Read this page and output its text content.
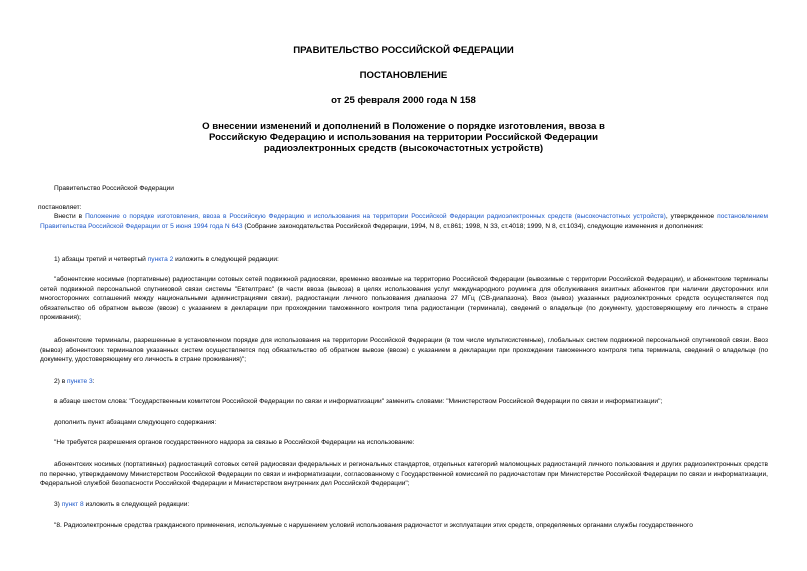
ПРАВИТЕЛЬСТВО РОССИЙСКОЙ ФЕДЕРАЦИИ
ПОСТАНОВЛЕНИЕ
от 25 февраля 2000 года N 158
О внесении изменений и дополнений в Положение о порядке изготовления, ввоза в Российскую Федерацию и использования на территории Российской Федерации радиоэлектронных средств (высокочастотных устройств)
Правительство Российской Федерации
постановляет:
Внести в Положение о порядке изготовления, ввоза в Российскую Федерацию и использования на территории Российской Федерации радиоэлектронных средств (высокочастотных устройств), утвержденное постановлением Правительства Российской Федерации от 5 июня 1994 года N 643 (Собрание законодательства Российской Федерации, 1994, N 8, ст.861; 1998, N 33, ст.4018; 1999, N 8, ст.1034), следующие изменения и дополнения:
1) абзацы третий и четвертый пункта 2 изложить в следующей редакции:
"абонентские носимые (портативные) радиостанции сотовых сетей подвижной радиосвязи, временно ввозимые на территорию Российской Федерации (вывозимые с территории Российской Федерации), и абонентские терминалы сетей подвижной персональной спутниковой связи системы "Евтелтракс" (в части ввоза (вывоза) в целях использования услуг международного роуминга для обслуживания визитных абонентов при наличии двусторонних или многосторонних соглашений между национальными администрациями связи), радиостанции личного пользования диапазона 27 МГц (СВ-диапазона). Ввоз (вывоз) указанных радиоэлектронных средств осуществляется под обязательство об обратном вывозе (ввозе) с указанием в декларации при прохождении таможенного контроля типа радиостанции (терминала), сведений о владельце (по документу, удостоверяющему его личность в стране проживания);
абонентские терминалы, разрешенные в установленном порядке для использования на территории Российской Федерации (в том числе мультисистемные), глобальных систем подвижной персональной спутниковой связи. Ввоз (вывоз) абонентских терминалов указанных систем осуществляется под обязательство об обратном вывозе (ввозе) с указанием в декларации при прохождении таможенного контроля типа терминала, сведений о владельце (по документу, удостоверяющему его личность в стране проживания)";
2) в пункте 3:
в абзаце шестом слова: "Государственным комитетом Российской Федерации по связи и информатизации" заменить словами: "Министерством Российской Федерации по связи и информатизации";
дополнить пункт абзацами следующего содержания:
"Не требуется разрешения органов государственного надзора за связью в Российской Федерации на использование:
абонентских носимых (портативных) радиостанций сотовых сетей радиосвязи федеральных и региональных стандартов, отдельных категорий маломощных радиостанций личного пользования и других радиоэлектронных средств по перечню, утверждаемому Министерством Российской Федерации по связи и информатизации, согласованному с Государственной комиссией по радиочастотам при Министерстве Российской Федерации по связи и информатизации, Федеральной службой безопасности Российской Федерации и Министерством внутренних дел Российской Федерации";
3) пункт 8 изложить в следующей редакции:
"8. Радиоэлектронные средства гражданского применения, используемые с нарушением условий использования радиочастот и эксплуатации этих средств, определяемых органами службы государственного
